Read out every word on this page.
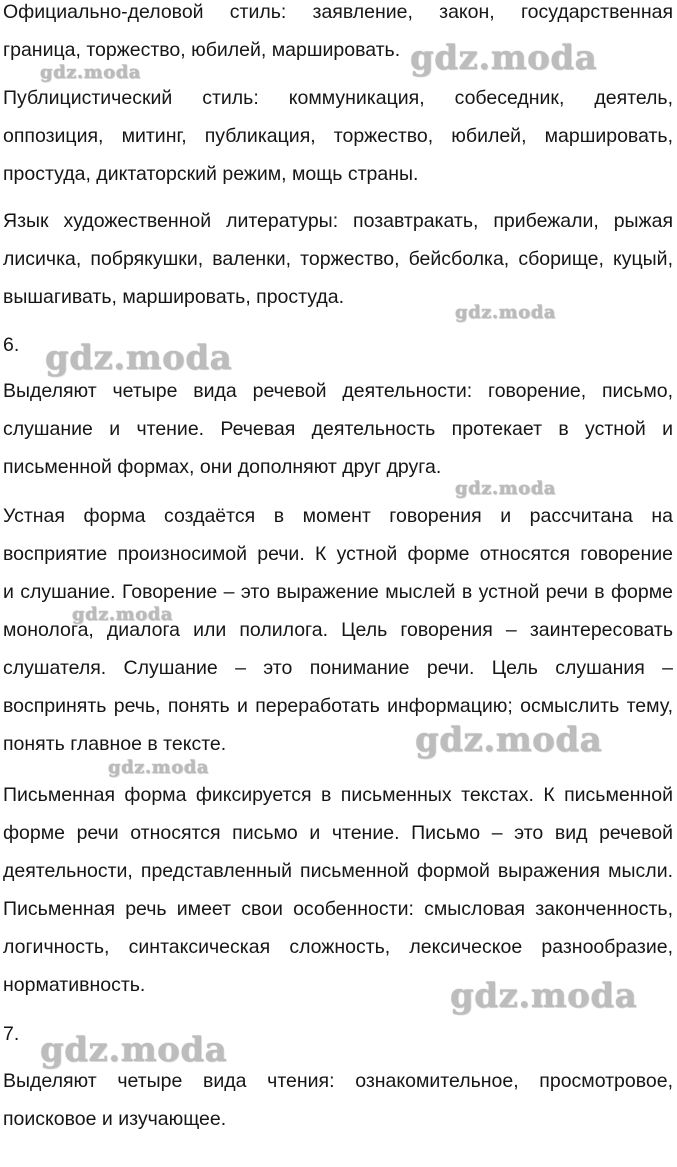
Официально-деловой стиль: заявление, закон, государственная
граница, торжество, юбилей, маршировать.
Публицистический стиль: коммуникация, собеседник, деятель,
оппозиция, митинг, публикация, торжество, юбилей, маршировать,
простуда, диктаторский режим, мощь страны.
Язык художественной литературы: позавтракать, прибежали, рыжая
лисичка, побрякушки, валенки, торжество, бейсболка, сборище, куцый,
вышагивать, маршировать, простуда.
6.
Выделяют четыре вида речевой деятельности: говорение, письмо,
слушание и чтение. Речевая деятельность протекает в устной и
письменной формах, они дополняют друг друга.
Устная форма создаётся в момент говорения и рассчитана на
восприятие произносимой речи. К устной форме относятся говорение
и слушание. Говорение – это выражение мыслей в устной речи в форме
монолога, диалога или полилога. Цель говорения – заинтересовать
слушателя. Слушание – это понимание речи. Цель слушания –
воспринять речь, понять и переработать информацию; осмыслить тему,
понять главное в тексте.
Письменная форма фиксируется в письменных текстах. К письменной
форме речи относятся письмо и чтение. Письмо – это вид речевой
деятельности, представленный письменной формой выражения мысли.
Письменная речь имеет свои особенности: смысловая законченность,
логичность, синтаксическая сложность, лексическое разнообразие,
нормативность.
7.
Выделяют четыре вида чтения: ознакомительное, просмотровое,
поисковое и изучающее.
gdz.moda
gdz.moda
gdz.moda
gdz.moda
gdz.moda
gdz.moda
gdz.moda
gdz.moda
gdz.moda
gdz.moda
